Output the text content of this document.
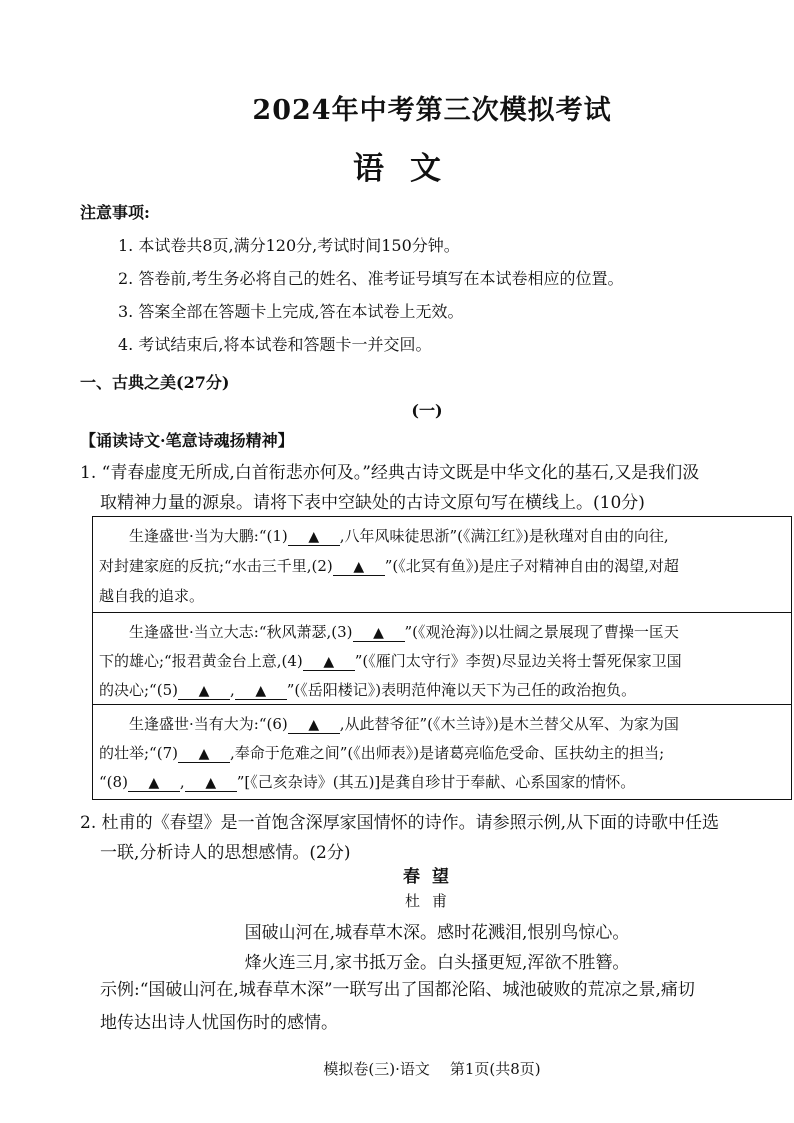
2024年中考第三次模拟考试
语文
注意事项:
1. 本试卷共8页,满分120分,考试时间150分钟。
2. 答卷前,考生务必将自己的姓名、准考证号填写在本试卷相应的位置。
3. 答案全部在答题卡上完成,答在本试卷上无效。
4. 考试结束后,将本试卷和答题卡一并交回。
一、古典之美(27分)
(一)
【诵读诗文·笔意诗魂扬精神】
1. “青春虚度无所成,白首衔悲亦何及。”经典古诗文既是中华文化的基石,又是我们汲
取精神力量的源泉。请将下表中空缺处的古诗文原句写在横线上。(10分)
生逢盛世·当为大鹏:“(1) ▲	,八年风味徒思浙”(《满江红》)是秋瑾对自由的向往,
对封建家庭的反抗;“水击三千里,(2) ▲	”(《北冥有鱼》)是庄子对精神自由的渴望,对超
越自我的追求。
生逢盛世·当立大志:“秋风萧瑟,(3) ▲	”(《观沧海》)以壮阔之景展现了曹操一匡天
下的雄心;“报君黄金台上意,(4) ▲	”(《雁门太守行》李贺)尽显边关将士誓死保家卫国
的决心;“(5) ▲	, ▲	”(《岳阳楼记》)表明范仲淹以天下为己任的政治抱负。
生逢盛世·当有大为:“(6) ▲	,从此替爷征”(《木兰诗》)是木兰替父从军、为家为国
的壮举;“(7) ▲	,奉命于危难之间”(《出师表》)是诸葛亮临危受命、匡扶幼主的担当;
“(8) ▲	, ▲	”[《己亥杂诗》(其五)]是龚自珍甘于奉献、心系国家的情怀。
2. 杜甫的《春望》是一首饱含深厚家国情怀的诗作。请参照示例,从下面的诗歌中任选
一联,分析诗人的思想感情。(2分)
春望
杜甫
国破山河在,城春草木深。感时花溅泪,恨别鸟惊心。
烽火连三月,家书抵万金。白头搔更短,浑欲不胜簪。
示例:“国破山河在,城春草木深”一联写出了国都沦陷、城池破败的荒凉之景,痛切
地传达出诗人忧国伤时的感情。
模拟卷(三)·语文 第1页(共8页)
